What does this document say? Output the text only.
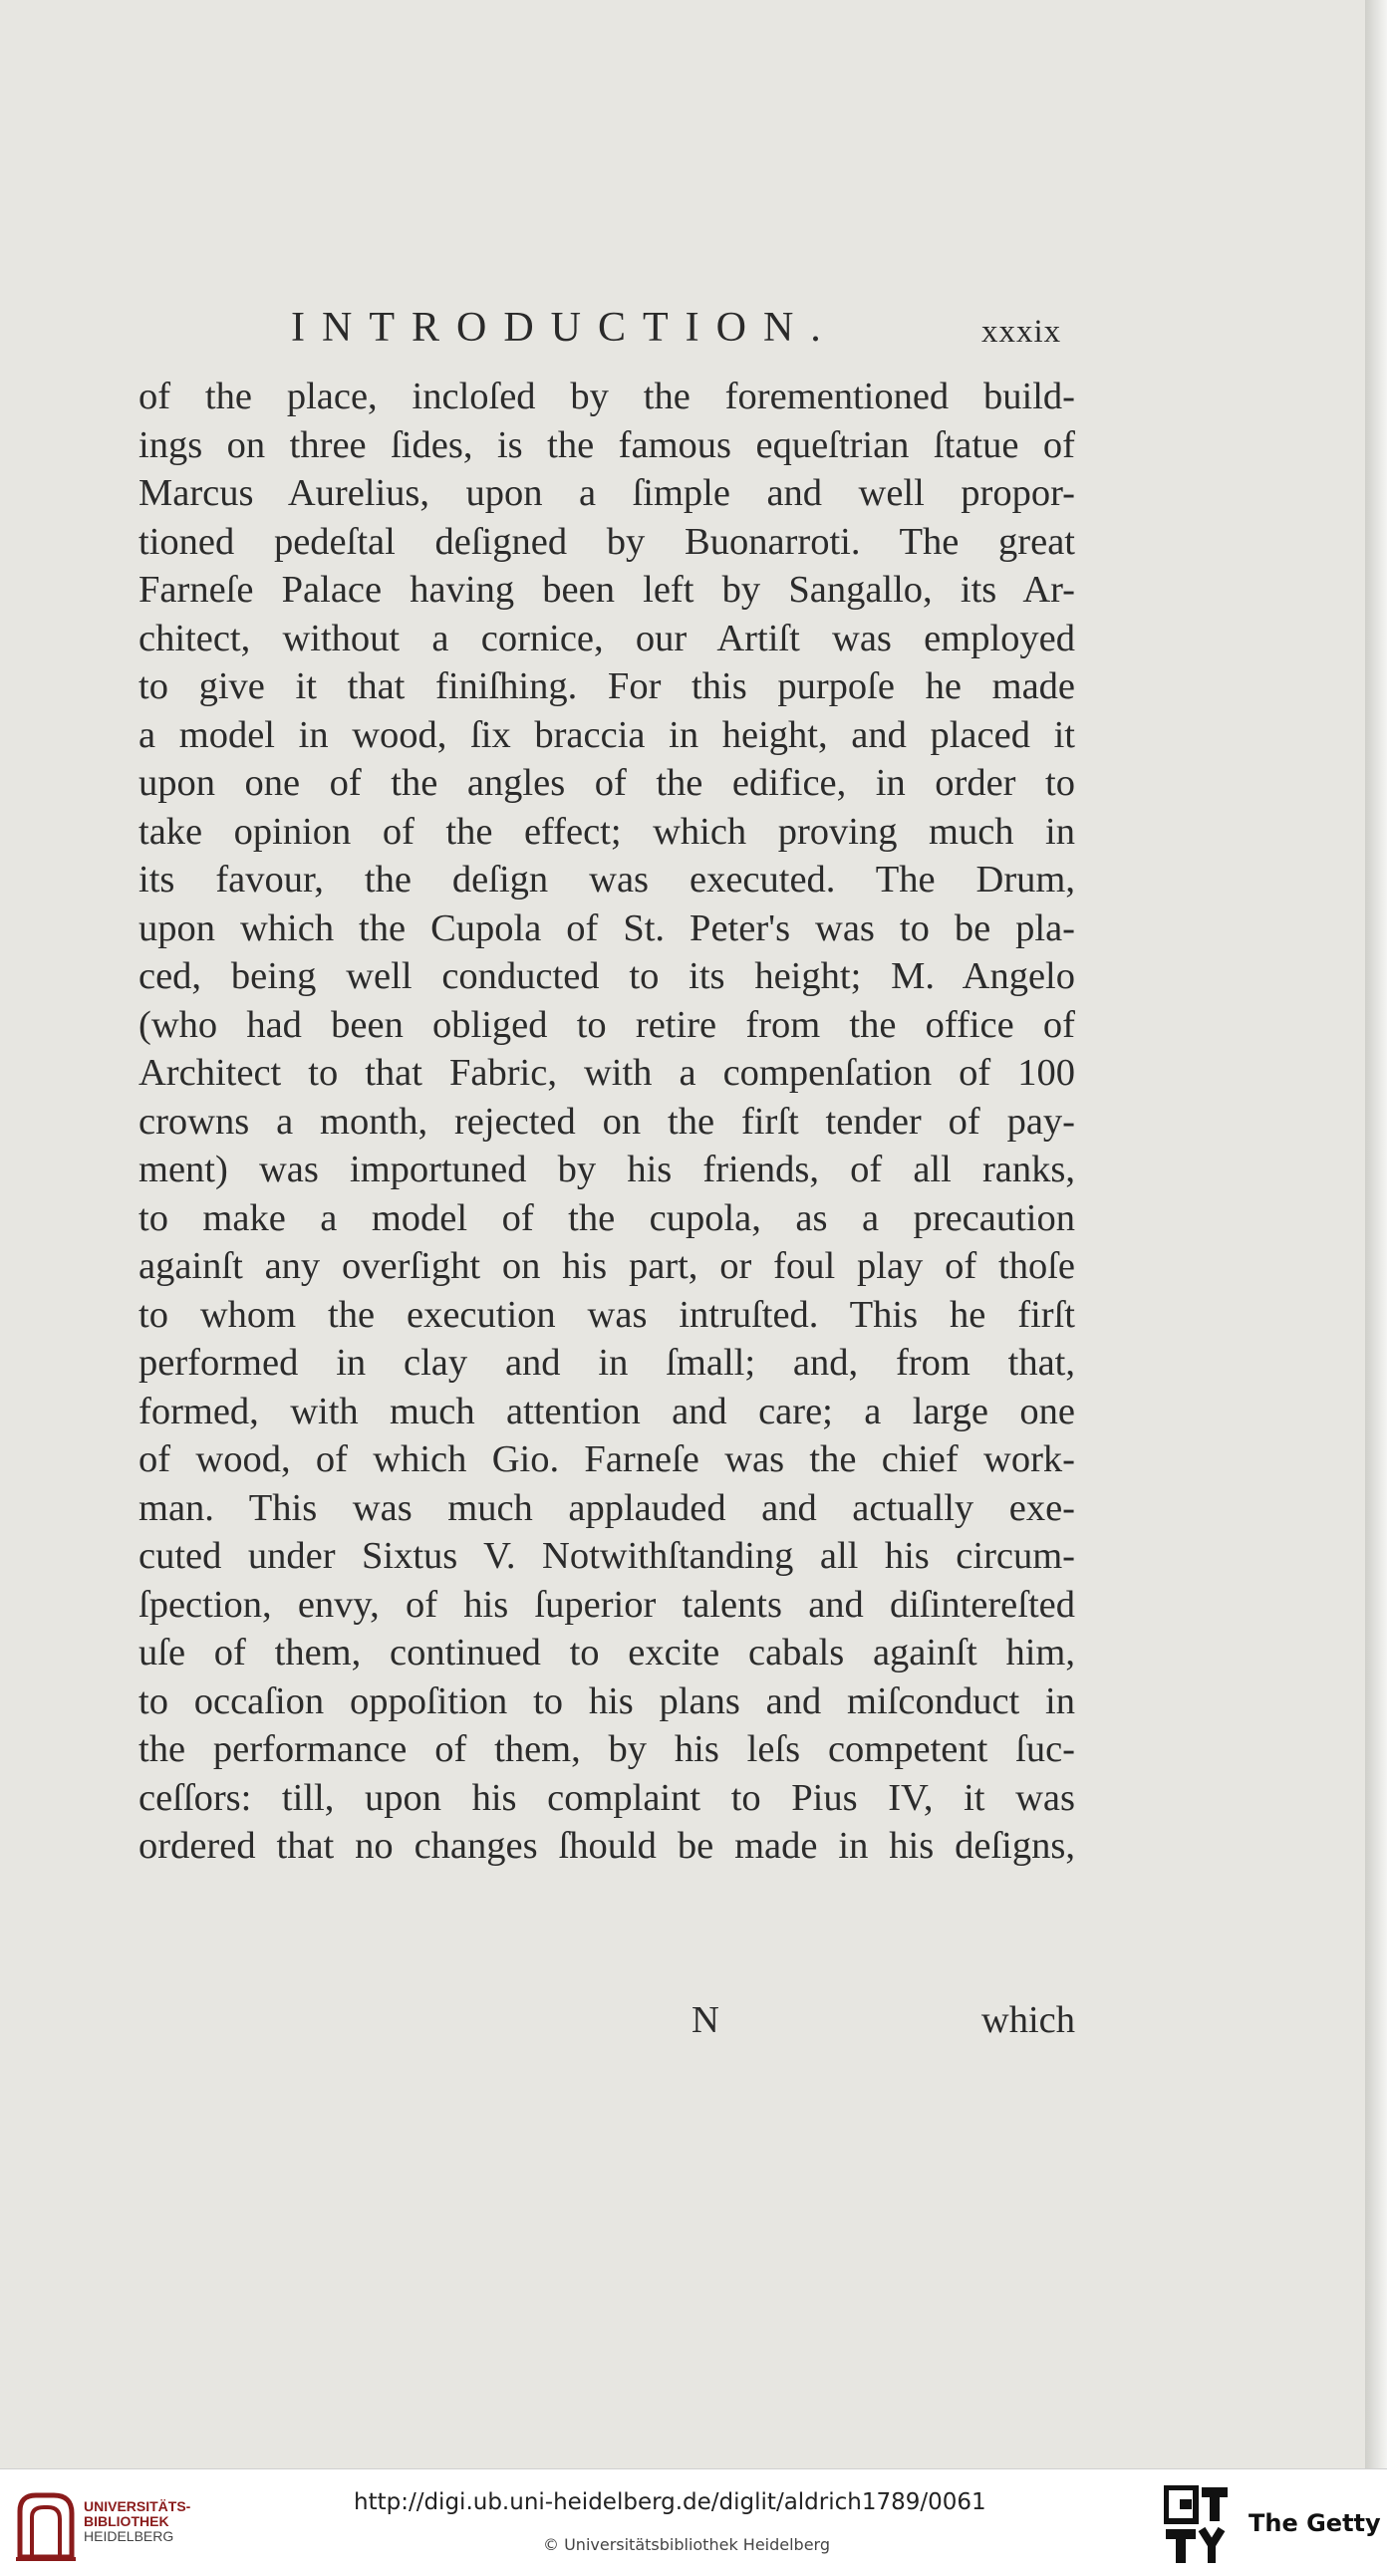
INTRODUCTION.	xxxix
of the place, incloſed by the forementioned build-
ings on three ſides, is the famous equeſtrian ſtatue of
Marcus Aurelius, upon a ſimple and well propor-
tioned pedeſtal deſigned by Buonarroti. The great
Farneſe Palace having been left by Sangallo, its Ar-
chitect, without a cornice, our Artiſt was employed
to give it that finiſhing. For this purpoſe he made
a model in wood, ſix braccia in height, and placed it
upon one of the angles of the edifice, in order to
take opinion of the effect; which proving much in
its favour, the deſign was executed. The Drum,
upon which the Cupola of St. Peter's was to be pla-
ced, being well conducted to its height; M. Angelo
(who had been obliged to retire from the office of
Architect to that Fabric, with a compenſation of 100
crowns a month, rejected on the firſt tender of pay-
ment) was importuned by his friends, of all ranks,
to make a model of the cupola, as a precaution
againſt any overſight on his part, or foul play of thoſe
to whom the execution was intruſted. This he firſt
performed in clay and in ſmall; and, from that,
formed, with much attention and care; a large one
of wood, of which Gio. Farneſe was the chief work-
man. This was much applauded and actually exe-
cuted under Sixtus V. Notwithſtanding all his circum-
ſpection, envy, of his ſuperior talents and diſintereſted
uſe of them, continued to excite cabals againſt him,
to occaſion oppoſition to his plans and miſconduct in
the performance of them, by his leſs competent ſuc-
ceſſors: till, upon his complaint to Pius IV, it was
ordered that no changes ſhould be made in his deſigns,
N	which
UNIVERSITÄTS-
BIBLIOTHEK
HEIDELBERG
http://digi.ub.uni-heidelberg.de/diglit/aldrich1789/0061
© Universitätsbibliothek Heidelberg
The Getty
